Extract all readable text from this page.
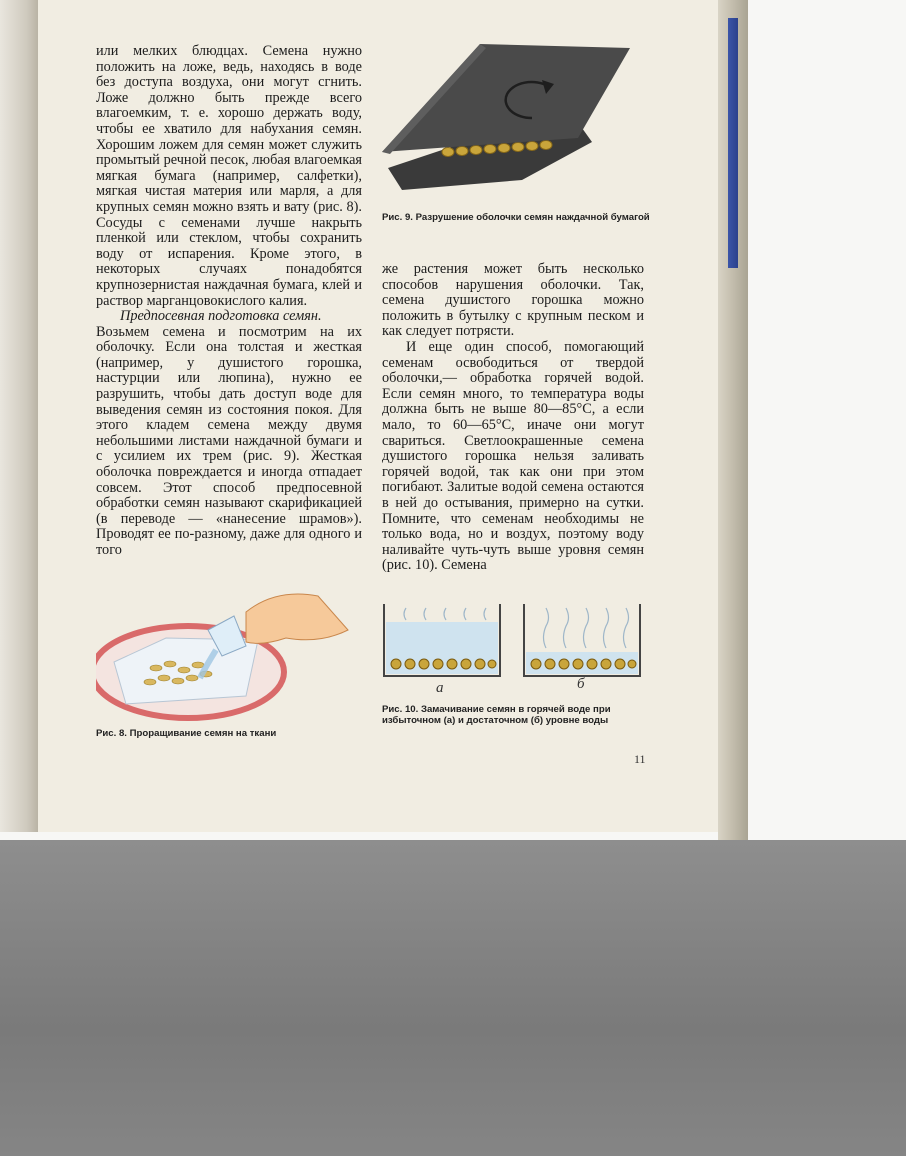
Рис. 9. Разрушение оболочки семян наждачной бумагой

или мелких блюдцах. Семена нужно положить на ложе, ведь, находясь в воде без доступа воздуха, они могут сгнить. Ложе должно быть прежде всего влагоемким, т. е. хорошо держать воду, чтобы ее хватило для набухания семян. Хорошим ложем для семян может служить промытый речной песок, любая влагоемкая мягкая бумага (например, салфетки), мягкая чистая материя или марля, а для крупных семян можно взять и вату (рис. 8). Сосуды с семенами лучше накрыть пленкой или стеклом, чтобы сохранить воду от испарения. Кроме этого, в некоторых случаях понадобятся крупнозернистая наждачная бумага, клей и раствор марганцовокислого калия.

Предпосевная подготовка семян.

Возьмем семена и посмотрим на их оболочку. Если она толстая и жесткая (например, у душистого горошка, настурции или люпина), нужно ее разрушить, чтобы дать доступ воде для выведения семян из состояния покоя. Для этого кладем семена между двумя небольшими листами наждачной бумаги и с усилием их трем (рис. 9). Жесткая оболочка повреждается и иногда отпадает совсем. Этот способ предпосевной обработки семян называют скарификацией (в переводе — «нанесение шрамов»). Проводят ее по-разному, даже для одного и того

же растения может быть несколько способов нарушения оболочки. Так, семена душистого горошка можно положить в бутылку с крупным песком и как следует потрясти.

И еще один способ, помогающий семенам освободиться от твердой оболочки,— обработка горячей водой. Если семян много, то температура воды должна быть не выше 80—85°С, а если мало, то 60—65°С, иначе они могут свариться. Светлоокрашенные семена душистого горошка нельзя заливать горячей водой, так как они при этом погибают. Залитые водой семена остаются в ней до остывания, примерно на сутки. Помните, что семенам необходимы не только вода, но и воздух, поэтому воду наливайте чуть-чуть выше уровня семян (рис. 10). Семена

Рис. 8. Проращивание семян на ткани
а	б
Рис. 10. Замачивание семян в горячей воде при избыточном (а) и достаточном (б) уровне воды
11
